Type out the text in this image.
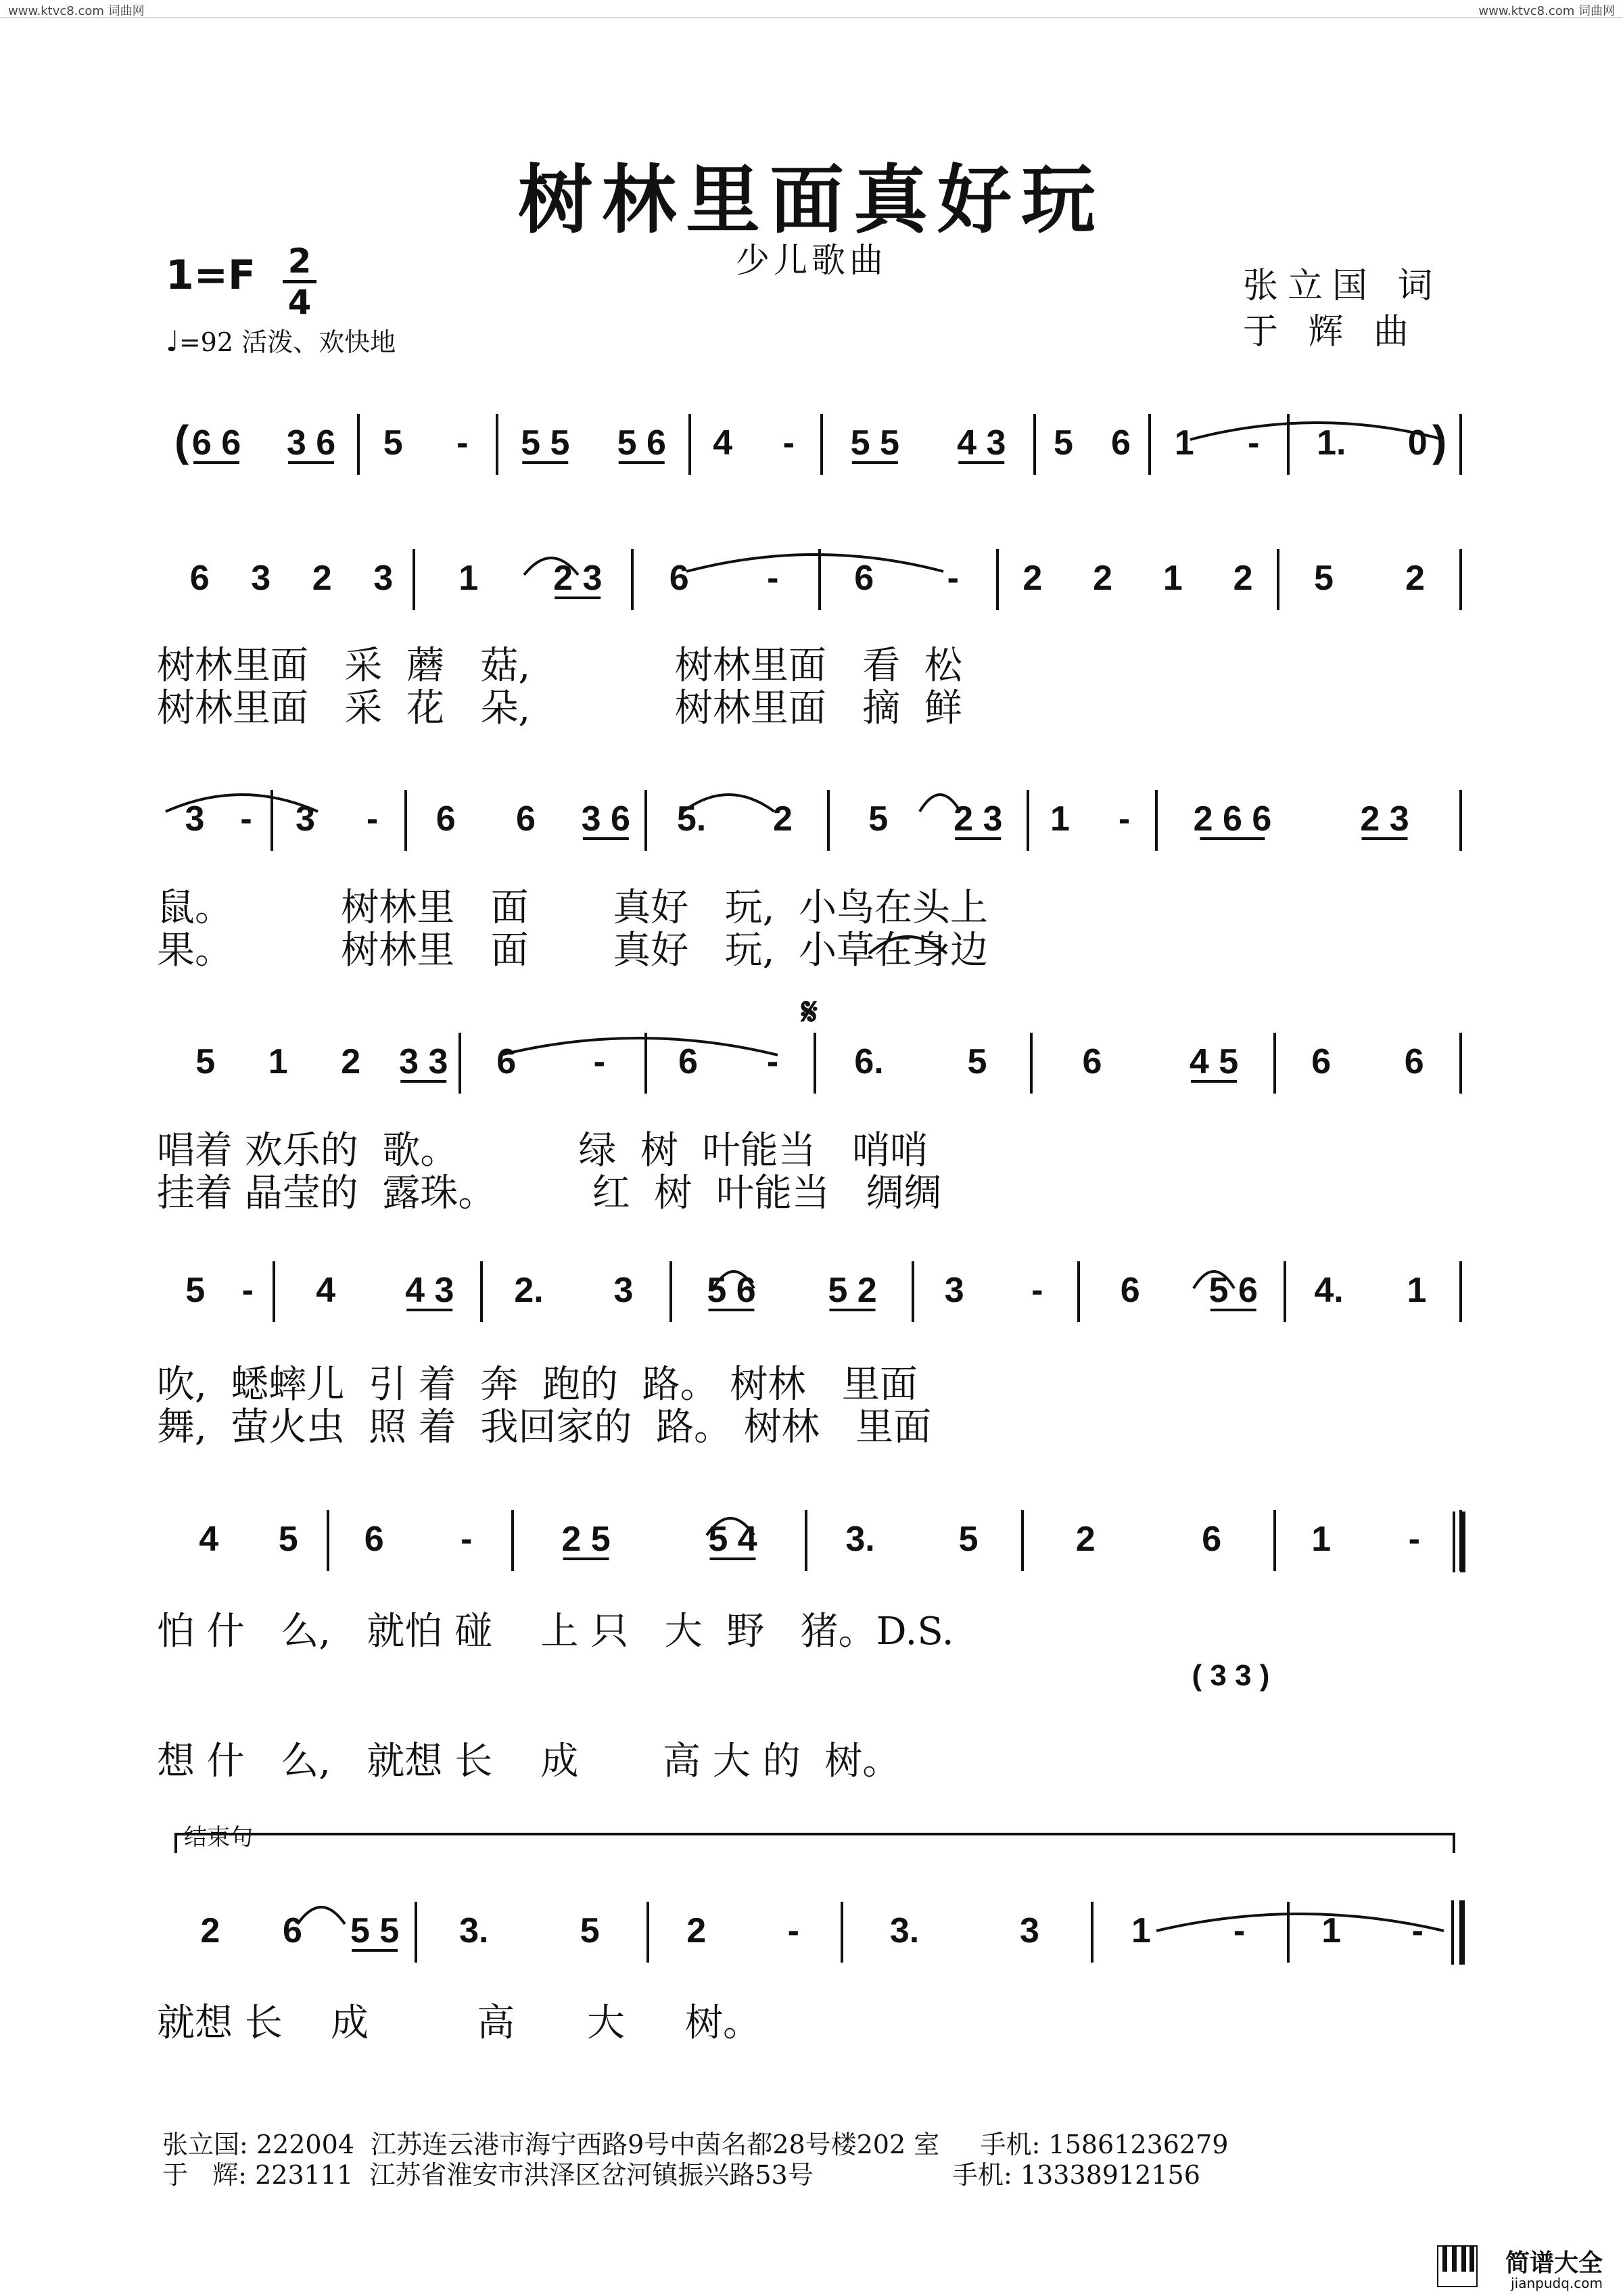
www.ktvc8.com 词曲网	www.ktvc8.com 词曲网
树林里面真好玩
少儿歌曲
1=F 2
4
♩=92 活泼、欢快地
张立国 词
于 辉 曲
6 6 3 6 5 - 5 5 5 6 4 - 5 5 4 3 5 6 1 - 1. 0
(	)
6 3 2 3 1 2 3 6 - 6 - 2 2 1 2 5 2
3 - 3 - 6 6 3 6 5. 2 5 2 3 1 - 2 6 6	2 3
5 1 2 3 3 6 - 6 - 6. 5	6 4 5 6 6
5 - 4 4 3 2. 3 5 6 5 2 3 - 6 5 6 4. 1
4 5 6 -	2 5	5 4	3. 5	2	6	1 -
2 6 5 5 3.	5 2 -	3.	3	1 - 1 -
𝄋
( 3 3 )
结束句
树林里面   采  蘑   菇,            树林里面   看  松
树林里面   采  花   朵,            树林里面   摘  鲜
鼠。         树林里   面       真好   玩,  小鸟在头上
果。         树林里   面       真好   玩,  小草在身边
唱着 欢乐的  歌。          绿  树  叶能当   哨哨
挂着 晶莹的  露珠。        红  树  叶能当   绸绸
吹,  蟋蟀儿  引 着  奔  跑的  路。 树林   里面
舞,  萤火虫  照 着  我回家的  路。 树林   里面
怕 什   么,   就怕 碰    上 只   大  野   猪。D.S.
想 什   么,   就想 长    成       高 大 的  树。
就想 长    成         高      大     树。
张立国: 222004  江苏连云港市海宁西路9号中茵名都28号楼202 室     手机: 15861236279
于   辉: 223111  江苏省淮安市洪泽区岔河镇振兴路53号                 手机: 13338912156
简谱大全
jianpudq.com
